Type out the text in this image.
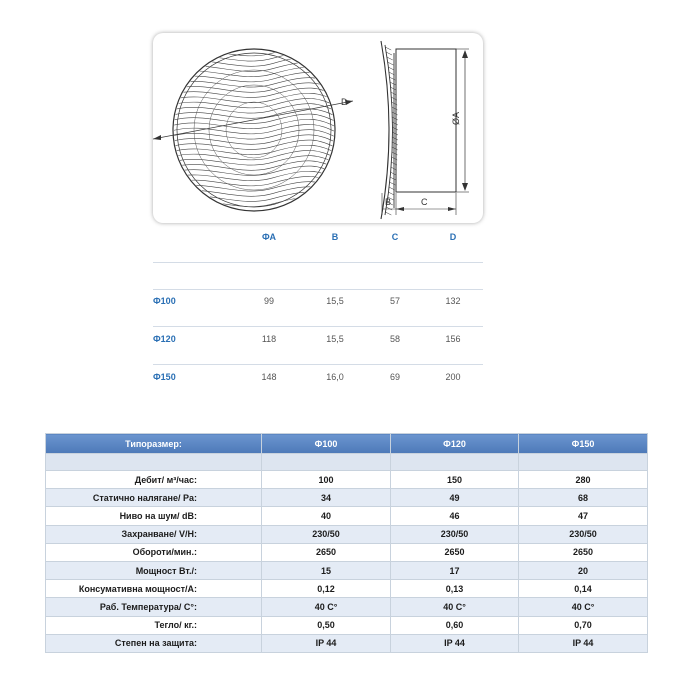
D
ØA
B	C
ФА	B	C	D
Ф100	99	15,5	57	132
Ф120	118	15,5	58	156
Ф150	148	16,0	69	200
Типоразмер:	Ф100	Ф120	Ф150

Дебит/ м³/час:	100	150	280
Статично налягане/ Pa:	34	49	68
Ниво на шум/ dB:	40	46	47
Захранване/ V/H:	230/50	230/50	230/50
Обороти/мин.:	2650	2650	2650
Мощност Вт./:	15	17	20
Консумативна мощност/А:	0,12	0,13	0,14
Раб. Температура/ С°:	40 С°	40 С°	40 С°
Тегло/ кг.:	0,50	0,60	0,70
Степен на защита:	IP 44	IP 44	IP 44
